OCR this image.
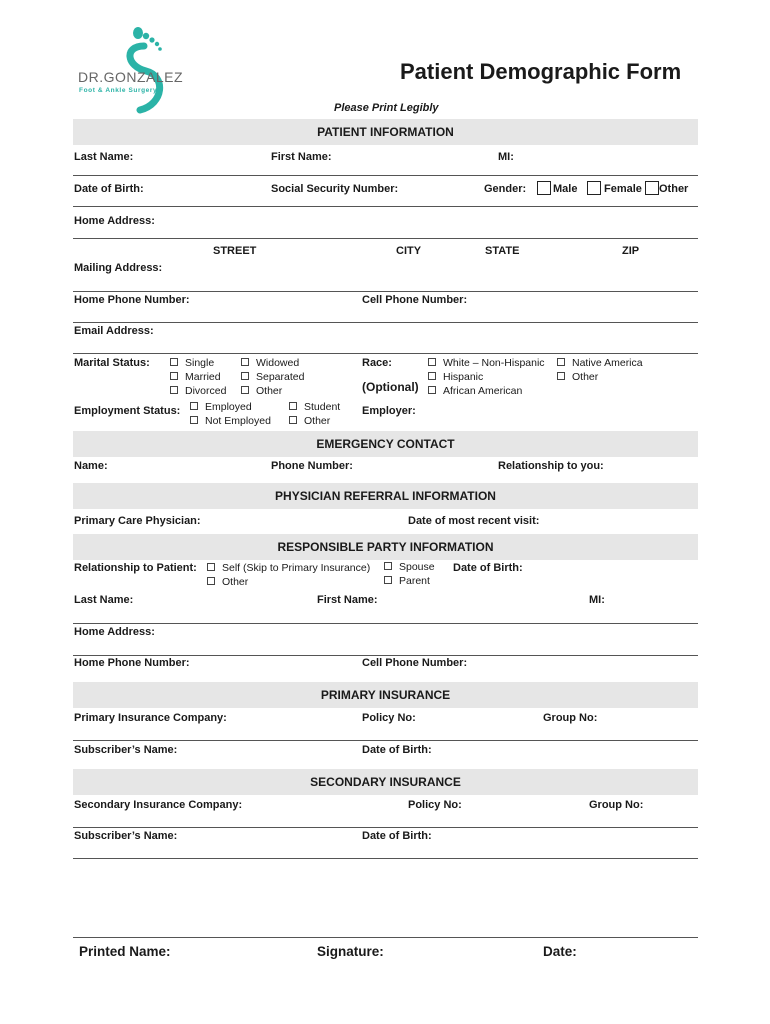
DR.GONZALEZ
Foot & Ankle Surgery
Patient Demographic Form
Please Print Legibly
PATIENT INFORMATION
Last Name:	First Name:	MI:
Date of Birth:	Social Security Number:	Gender: Male Female Other
Home Address:
STREET	CITY	STATE	ZIP
Mailing Address:
Home Phone Number:	Cell Phone Number:
Email Address:
Marital Status:	Single
Married
Divorced
Widowed
Separated
Other
Race:
(Optional)
White – Non-Hispanic
Hispanic
African American
Native America
Other
Employment Status:	Employed
Not Employed
Student
Other
Employer:
EMERGENCY CONTACT
Name:	Phone Number:	Relationship to you:
PHYSICIAN REFERRAL INFORMATION
Primary Care Physician:	Date of most recent visit:
RESPONSIBLE PARTY INFORMATION
Relationship to Patient:	Self (Skip to Primary Insurance)
Other
Spouse
Parent
Date of Birth:
Last Name:	First Name:	MI:
Home Address:
Home Phone Number:	Cell Phone Number:
PRIMARY INSURANCE
Primary Insurance Company:	Policy No:	Group No:
Subscriber’s Name:	Date of Birth:
SECONDARY INSURANCE
Secondary Insurance Company:	Policy No:	Group No:
Subscriber’s Name:	Date of Birth:
Printed Name:	Signature:	Date:
